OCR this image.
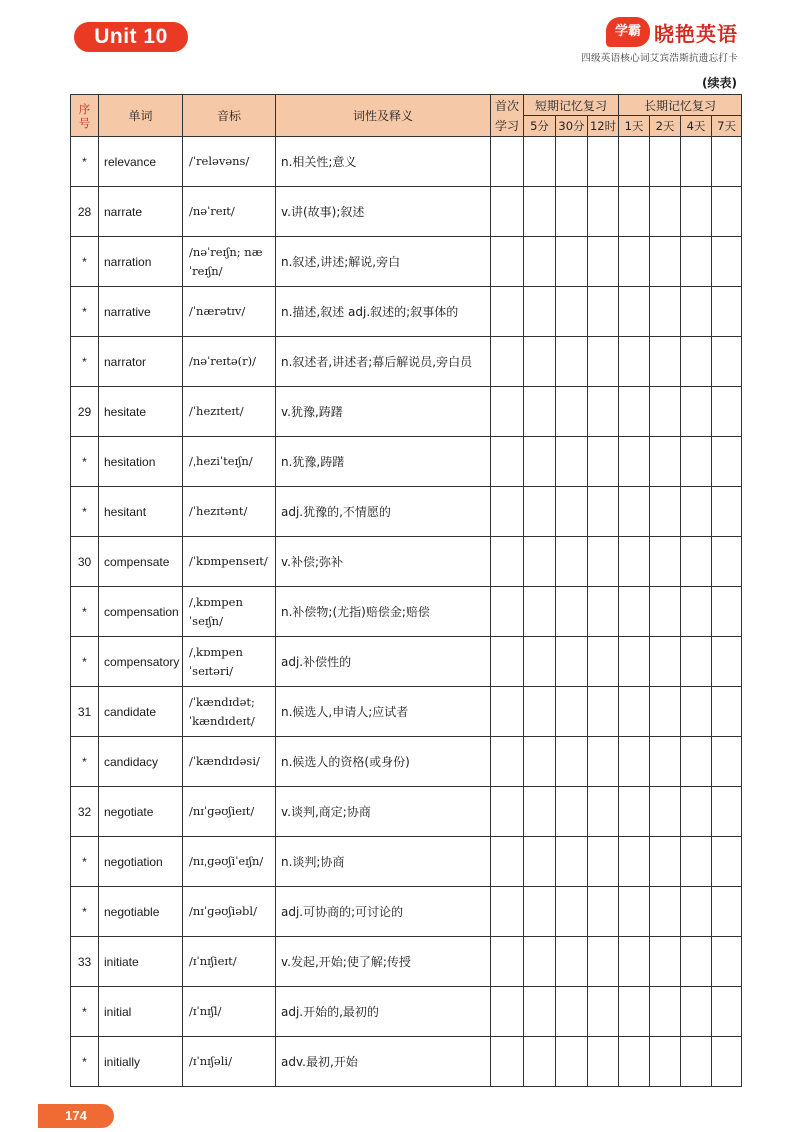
Unit 10	学霸 晓艳英语
四级英语核心词艾宾浩斯抗遗忘打卡
(续表)
序号	单词	音标	词性及释义	首次学习	短期记忆复习			长期记忆复习			
					5分	30分	12时	1天	2天	4天	7天
*	relevance	/ˈreləvəns/	n.相关性;意义								
28	narrate	/nəˈreɪt/	v.讲(故事);叙述								
*	narration	/nəˈreɪʃn; næˈreɪʃn/	n.叙述,讲述;解说,旁白								
*	narrative	/ˈnærətɪv/	n.描述,叙述 adj.叙述的;叙事体的								
*	narrator	/nəˈreɪtə(r)/	n.叙述者,讲述者;幕后解说员,旁白员								
29	hesitate	/ˈhezɪteɪt/	v.犹豫,踌躇								
*	hesitation	/ˌheziˈteɪʃn/	n.犹豫,踌躇								
*	hesitant	/ˈhezɪtənt/	adj.犹豫的,不情愿的								
30	compensate	/ˈkɒmpenseɪt/	v.补偿;弥补								
*	compensation	/ˌkɒmpenˈseɪʃn/	n.补偿物;(尤指)赔偿金;赔偿								
*	compensatory	/ˌkɒmpenˈseɪtəri/	adj.补偿性的								
31	candidate	/ˈkændɪdət; ˈkændɪdeɪt/	n.候选人,申请人;应试者								
*	candidacy	/ˈkændɪdəsi/	n.候选人的资格(或身份)								
32	negotiate	/nɪˈɡəʊʃieɪt/	v.谈判,商定;协商								
*	negotiation	/nɪˌɡəʊʃiˈeɪʃn/	n.谈判;协商								
*	negotiable	/nɪˈɡəʊʃiəbl/	adj.可协商的;可讨论的								
33	initiate	/ɪˈnɪʃieɪt/	v.发起,开始;使了解;传授								
*	initial	/ɪˈnɪʃl/	adj.开始的,最初的								
*	initially	/ɪˈnɪʃəli/	adv.最初,开始								
174
